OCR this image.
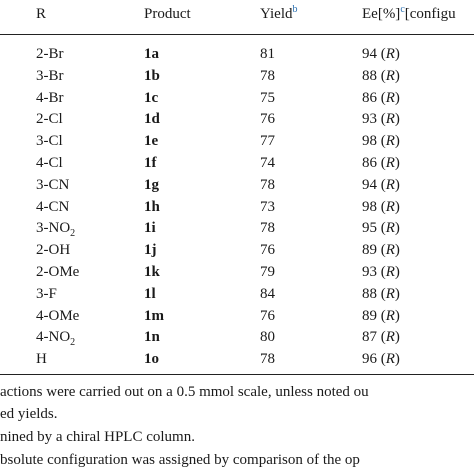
R	Product	Yield$^b$	Ee[%]$^c$[configu
2-Br	1a	81	94 (R)
3-Br	1b	78	88 (R)
4-Br	1c	75	86 (R)
2-Cl	1d	76	93 (R)
3-Cl	1e	77	98 (R)
4-Cl	1f	74	86 (R)
3-CN	1g	78	94 (R)
4-CN	1h	73	98 (R)
$3-NO_2$	1i	78	95 (R)
2-OH	1j	76	89 (R)
2-OMe	1k	79	93 (R)
3-F	1l	84	88 (R)
4-OMe	1m	76	89 (R)
$4-NO_2$	1n	80	87 (R)
H	1o	78	96 (R)
actions were carried out on a 0.5 mmol scale, unless noted ou
ed yields.
nined by a chiral HPLC column.
bsolute configuration was assigned by comparison of the op
